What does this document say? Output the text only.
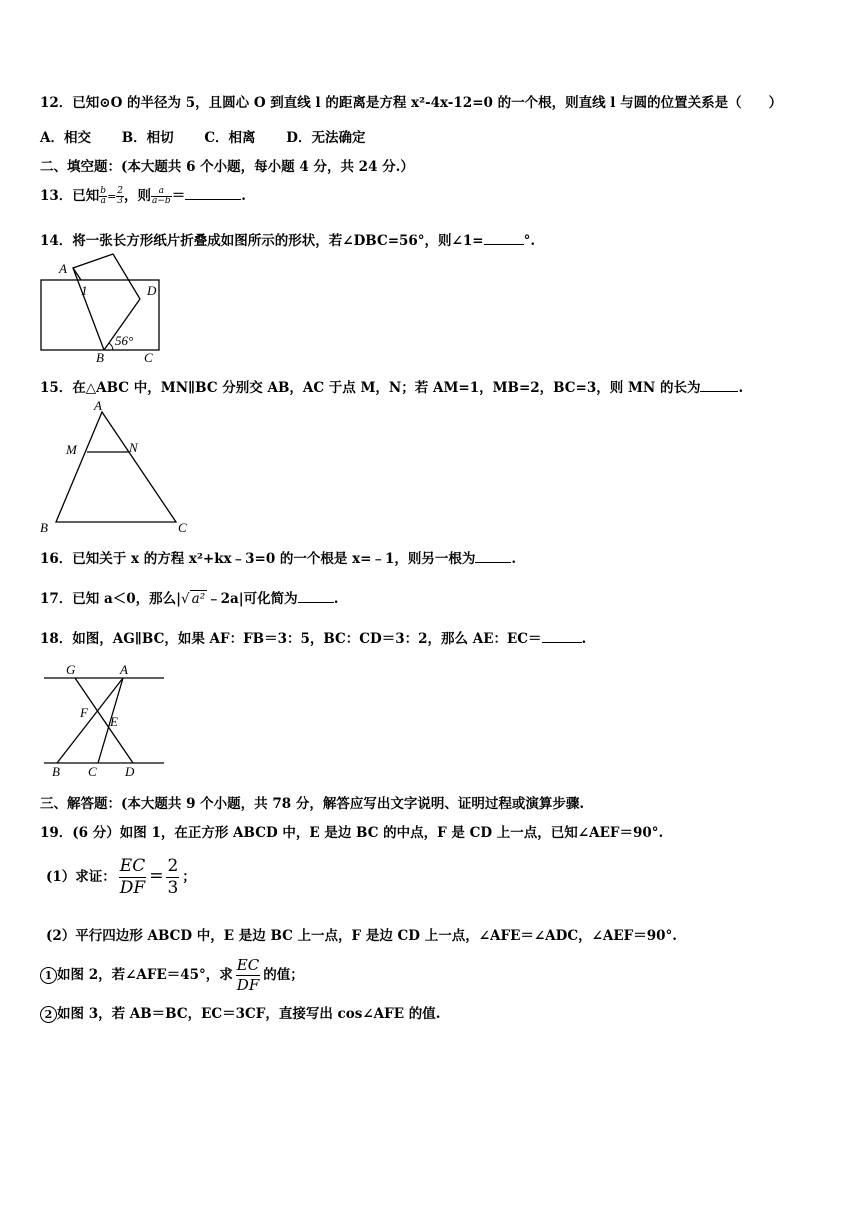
12．已知⊙O 的半径为 5，且圆心 O 到直线 l 的距离是方程 x²-4x-12=0 的一个根，则直线 l 与圆的位置关系是（　　）
A．相交 B．相切 C．相离 D．无法确定
二、填空题：(本大题共 6 个小题，每小题 4 分，共 24 分.）
13．已知 $\frac{b}{a} = \frac{2}{3}$ ，则 $\frac{a}{a-b}$ ＝	.
14．将一张长方形纸片折叠成如图所示的形状，若∠DBC=56°，则∠1=	°.
A
1	D
56°
B	C
15．在△ABC 中，MN∥BC 分别交 AB，AC 于点 M，N；若 AM=1，MB=2，BC=3，则 MN 的长为	.
A
M	N
B	C
16．已知关于 x 的方程 x²+kx﹣3=0 的一个根是 x=﹣1，则另一根为	.
17．已知 a＜0，那么|√ a² ﹣2a|可化简为	.
18．如图，AG∥BC，如果 AF：FB＝3：5，BC：CD＝3：2，那么 AE：EC＝	.
G	A
F
E
B C D
三、解答题：(本大题共 9 个小题，共 78 分，解答应写出文字说明、证明过程或演算步骤.
19．(6 分）如图 1，在正方形 ABCD 中，E 是边 BC 的中点，F 是 CD 上一点，已知∠AEF＝90°.
(1）求证： $\frac{EC}{DF} = \frac{2}{3}$ ；
(2）平行四边形 ABCD 中，E 是边 BC 上一点，F 是边 CD 上一点，∠AFE＝∠ADC，∠AEF＝90°.
1 如图 2，若∠AFE＝45°，求 $\frac{EC}{DF}$ 的值；
2 如图 3，若 AB＝BC，EC＝3CF，直接写出 cos∠AFE 的值.
